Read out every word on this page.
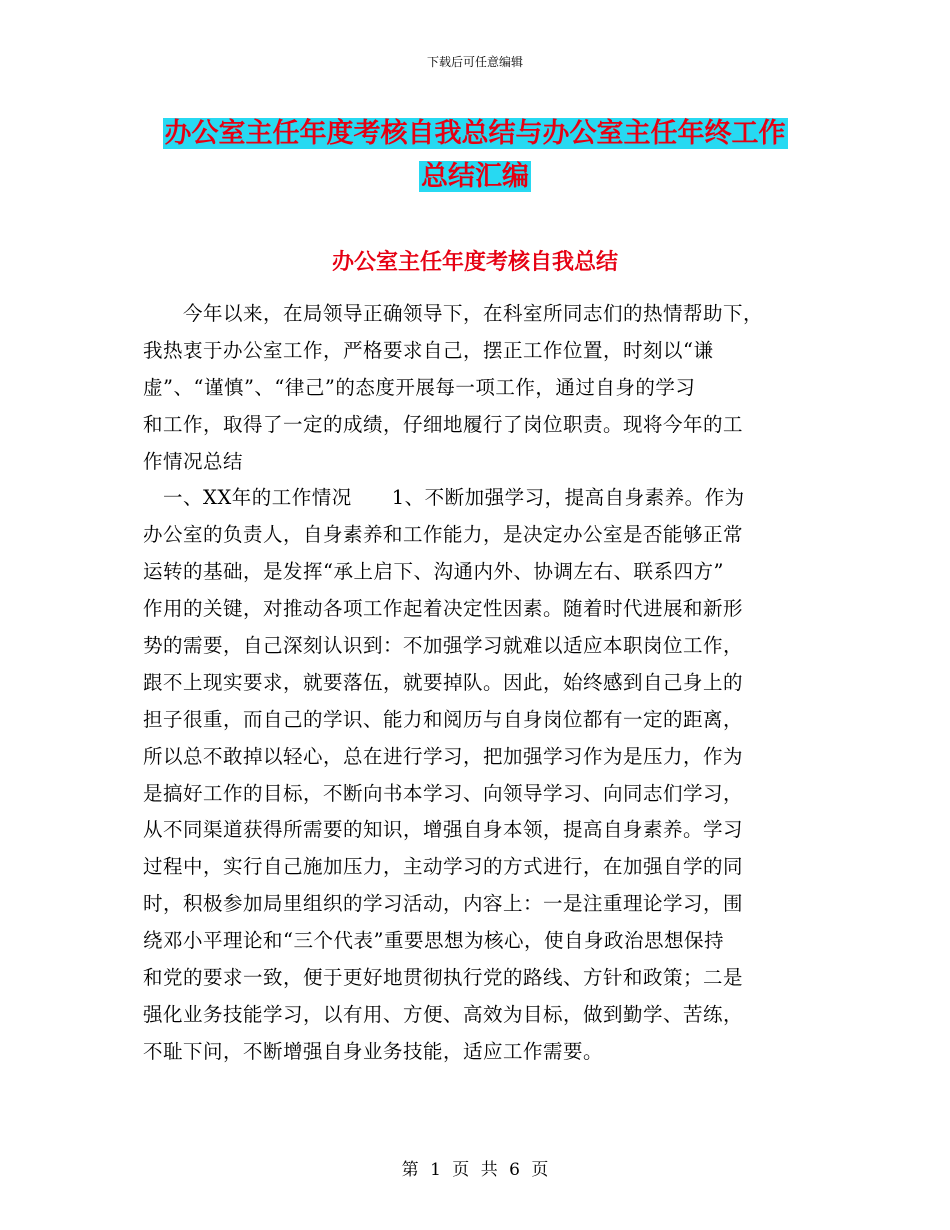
下载后可任意编辑
办公室主任年度考核自我总结与办公室主任年终工作
总结汇编
办公室主任年度考核自我总结
　　今年以来，在局领导正确领导下，在科室所同志们的热情帮助下，
我热衷于办公室工作，严格要求自己，摆正工作位置，时刻以“谦
虚”、“谨慎”、“律己”的态度开展每一项工作，通过自身的学习
和工作，取得了一定的成绩，仔细地履行了岗位职责。现将今年的工
作情况总结
　一、XX年的工作情况　　1、不断加强学习，提高自身素养。作为
办公室的负责人，自身素养和工作能力，是决定办公室是否能够正常
运转的基础，是发挥“承上启下、沟通内外、协调左右、联系四方”
作用的关键，对推动各项工作起着决定性因素。随着时代进展和新形
势的需要，自己深刻认识到：不加强学习就难以适应本职岗位工作，
跟不上现实要求，就要落伍，就要掉队。因此，始终感到自己身上的
担子很重，而自己的学识、能力和阅历与自身岗位都有一定的距离，
所以总不敢掉以轻心，总在进行学习，把加强学习作为是压力，作为
是搞好工作的目标，不断向书本学习、向领导学习、向同志们学习，
从不同渠道获得所需要的知识，增强自身本领，提高自身素养。学习
过程中，实行自己施加压力，主动学习的方式进行，在加强自学的同
时，积极参加局里组织的学习活动，内容上：一是注重理论学习，围
绕邓小平理论和“三个代表”重要思想为核心，使自身政治思想保持
和党的要求一致，便于更好地贯彻执行党的路线、方针和政策；二是
强化业务技能学习，以有用、方便、高效为目标，做到勤学、苦练，
不耻下问，不断增强自身业务技能，适应工作需要。
第 1 页 共 6 页
